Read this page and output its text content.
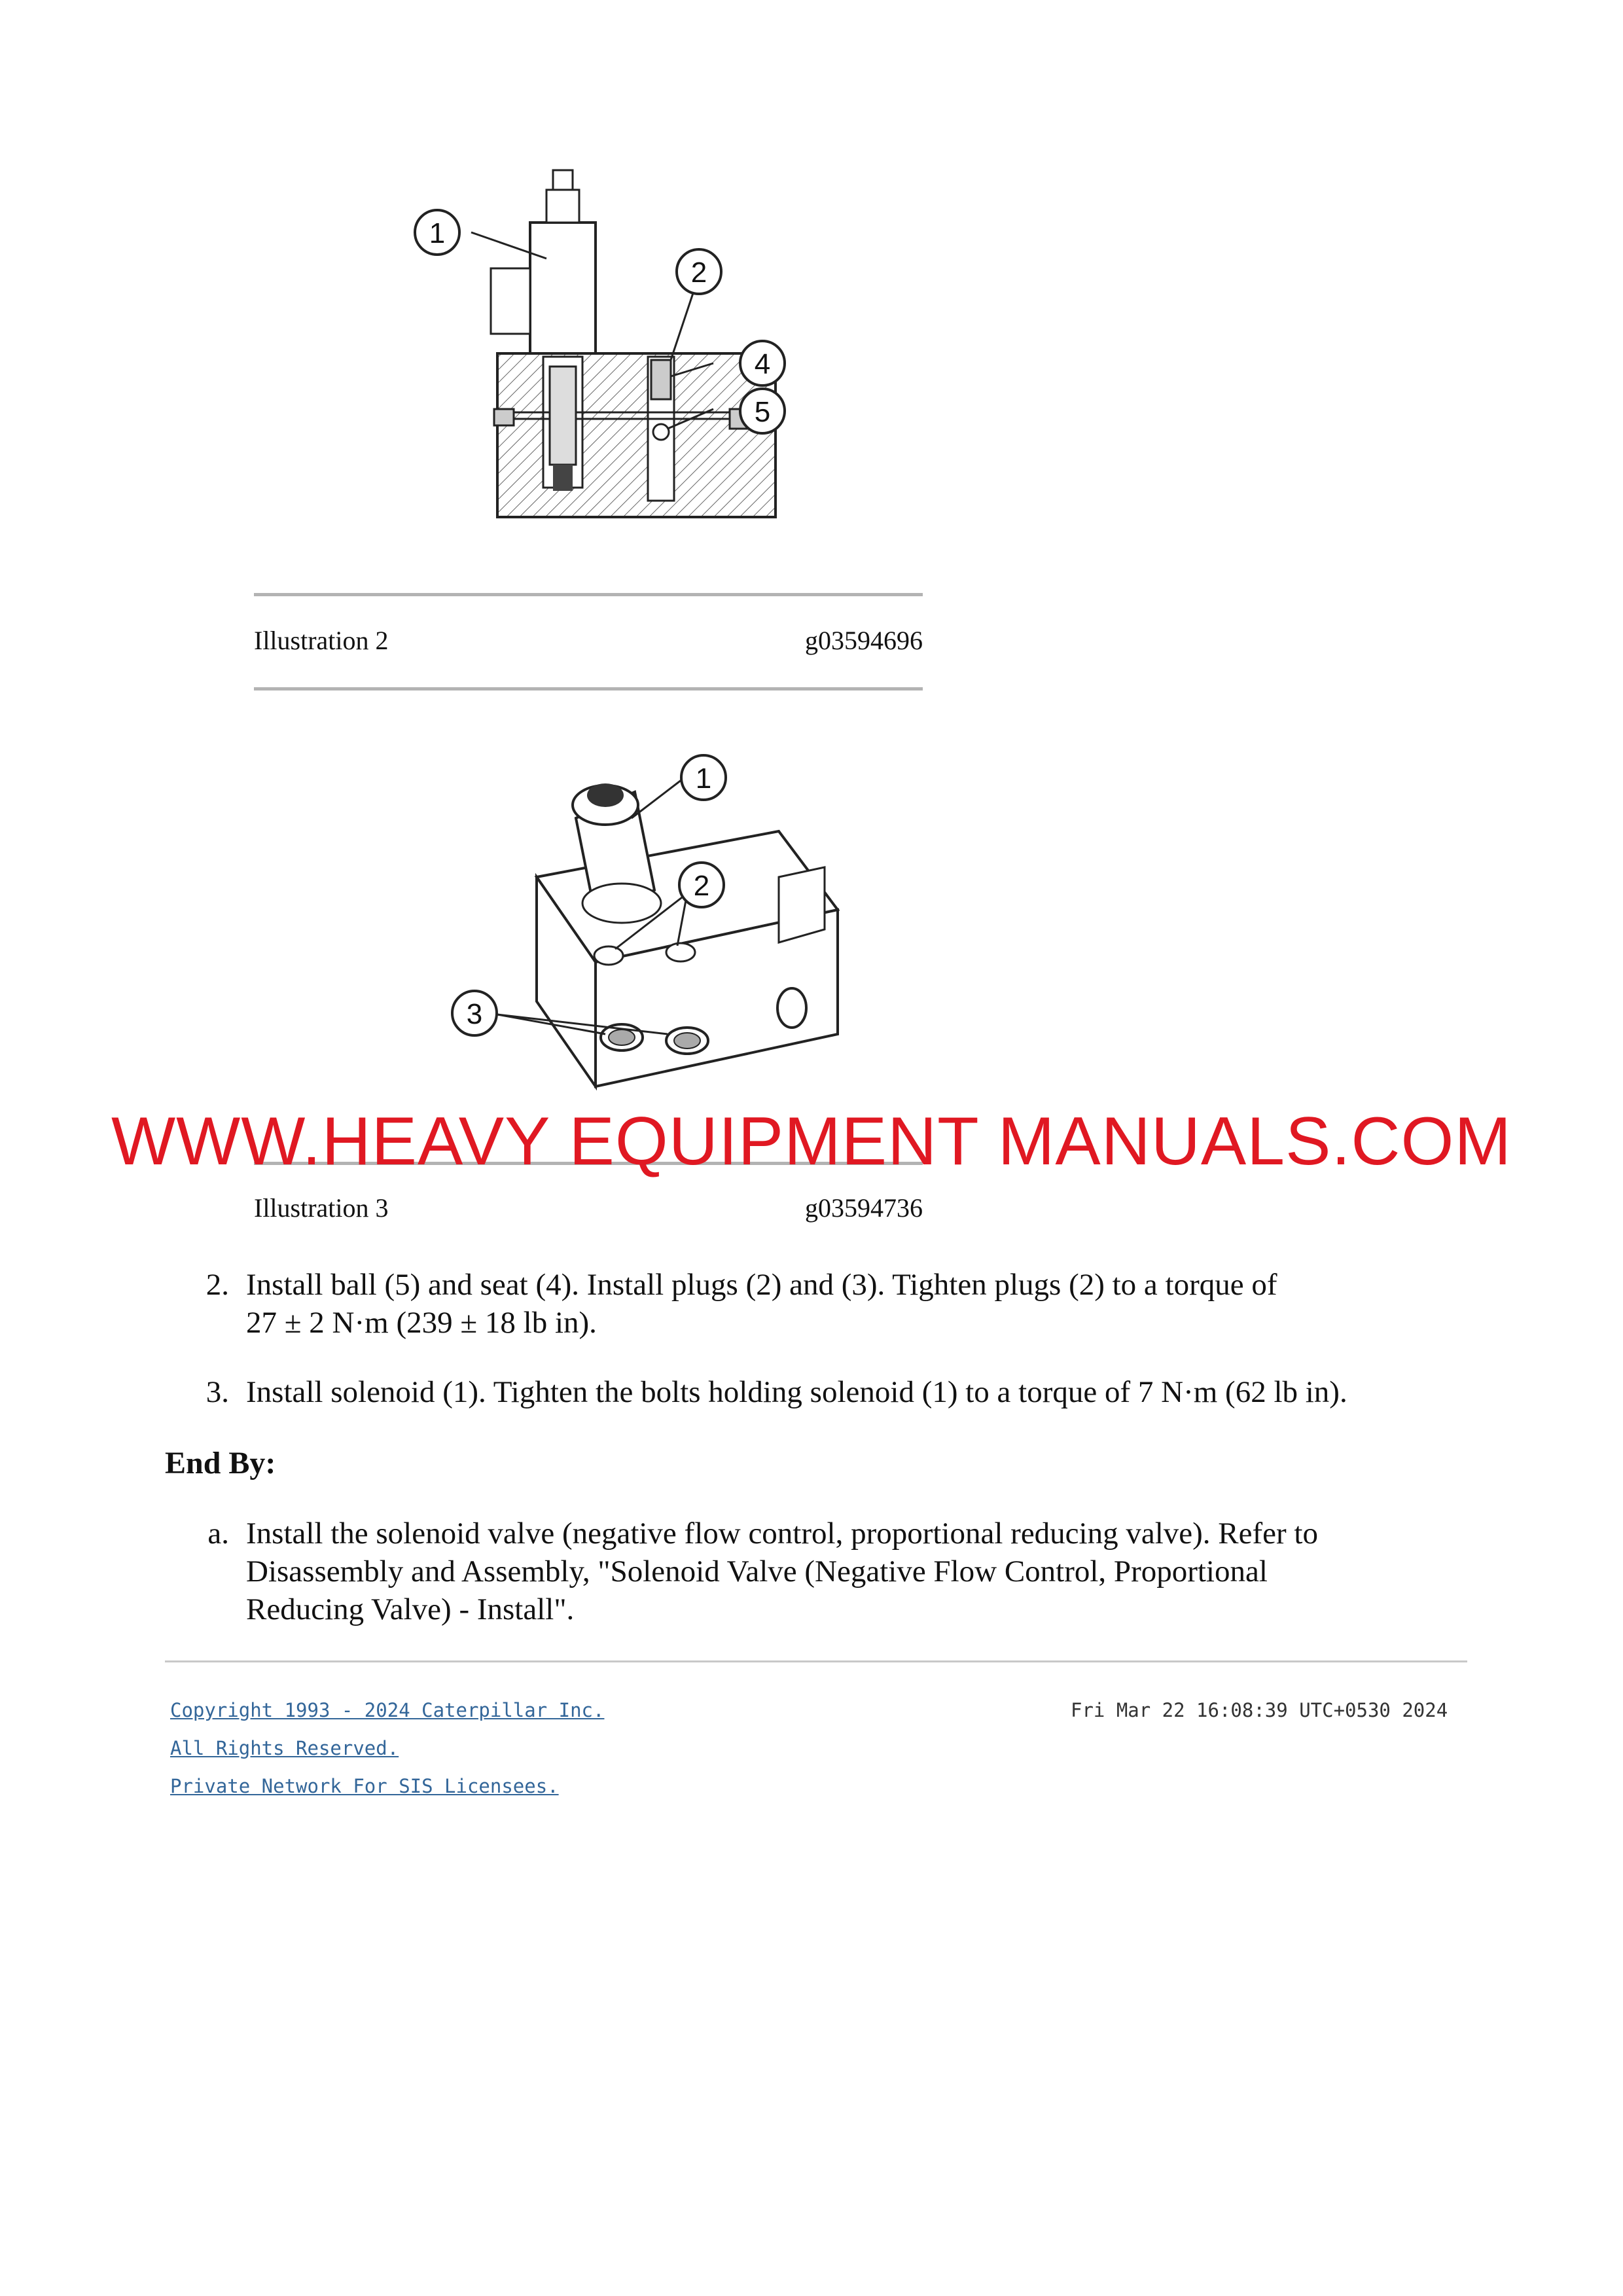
1
2
4
5
Illustration 2	g03594696
1
2
3
WWW.HEAVY EQUIPMENT MANUALS.COM
Illustration 3	g03594736
2. Install ball (5) and seat (4). Install plugs (2) and (3). Tighten plugs (2) to a torque of
27 ± 2 N·m (239 ± 18 lb in).
3. Install solenoid (1). Tighten the bolts holding solenoid (1) to a torque of 7 N·m (62 lb in).
End By:
a. Install the solenoid valve (negative flow control, proportional reducing valve). Refer to
Disassembly and Assembly, "Solenoid Valve (Negative Flow Control, Proportional
Reducing Valve) - Install".
Copyright 1993 - 2024 Caterpillar Inc.
All Rights Reserved.
Private Network For SIS Licensees.
Fri Mar 22 16:08:39 UTC+0530 2024
